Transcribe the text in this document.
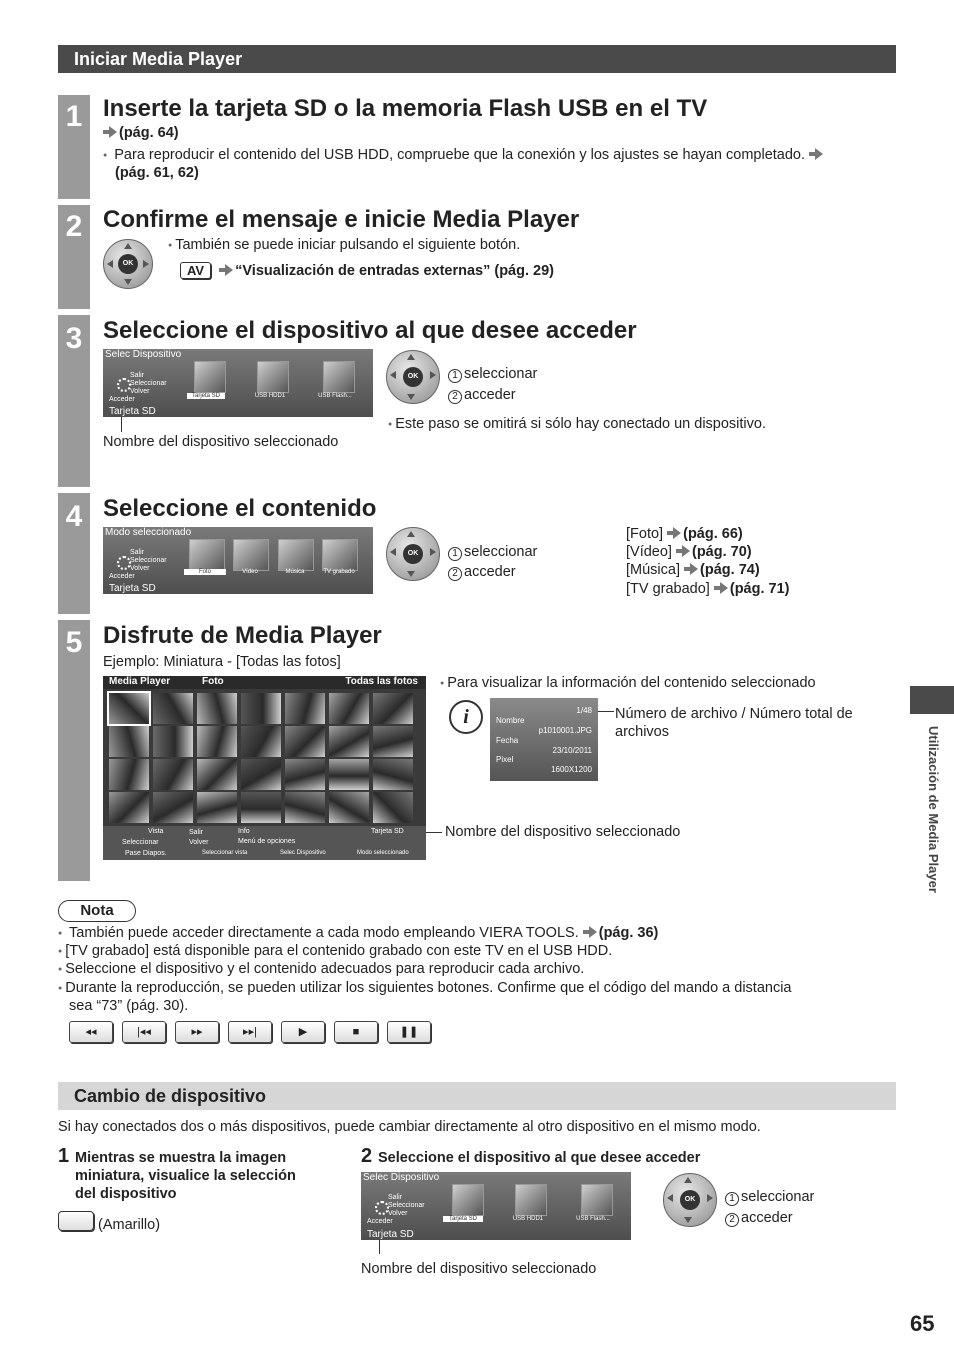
Iniciar Media Player
1
2
3
4
5
Inserte la tarjeta SD o la memoria Flash USB en el TV
(pág. 64)
● Para reproducir el contenido del USB HDD, compruebe que la conexión y los ajustes se hayan completado.
(pág. 61, 62)
Confirme el mensaje e inicie Media Player
OK
● También se puede iniciar pulsando el siguiente botón.
AV “Visualización de entradas externas” (pág. 29)
Seleccione el dispositivo al que desee acceder
Selec Dispositivo
Salir
Seleccionar
Volver
Acceder	Tarjeta SD	USB HDD1	USB Flash...
Tarjeta SD
Nombre del dispositivo seleccionado
OK	1 seleccionar
2 acceder
● Este paso se omitirá si sólo hay conectado un dispositivo.
Seleccione el contenido
Modo seleccionado
Salir
Seleccionar
Volver
Acceder
Foto	Vídeo	Música	TV grabado
Tarjeta SD
OK	1 seleccionar
2 acceder
[Foto] (pág. 66)
[Vídeo] (pág. 70)
[Música] (pág. 74)
[TV grabado] (pág. 71)
Disfrute de Media Player
Ejemplo: Miniatura - [Todas las fotos]
Media Player	Foto	Todas las fotos
Vista
Seleccionar
Salir
Volver
Info
Menú de opciones
Tarjeta SD
Pase Diapos.	Seleccionar vista	Selec Dispositivo	Modo seleccionado
Nombre del dispositivo seleccionado
● Para visualizar la información del contenido seleccionado
i	1/48
Nombre
p1010001.JPG
Fecha
23/10/2011
Pixel
1600X1200
Número de archivo / Número total de archivos
Nota
● También puede acceder directamente a cada modo empleando VIERA TOOLS. (pág. 36)
● [TV grabado] está disponible para el contenido grabado con este TV en el USB HDD.
● Seleccione el dispositivo y el contenido adecuados para reproducir cada archivo.
● Durante la reproducción, se pueden utilizar los siguientes botones. Confirme que el código del mando a distancia
sea “73” (pág. 30).
◂◂	|◂◂	▸▸	▸▸|	▶	■	❚❚
Cambio de dispositivo
Si hay conectados dos o más dispositivos, puede cambiar directamente al otro dispositivo en el mismo modo.
1 Mientras se muestra la imagen
miniatura, visualice la selección
del dispositivo
(Amarillo)
2 Seleccione el dispositivo al que desee acceder
Selec Dispositivo
Salir
Seleccionar
Volver
Acceder	Tarjeta SD	USB HDD1	USB Flash...
Tarjeta SD
Nombre del dispositivo seleccionado
OK	1 seleccionar
2 acceder
Utilización de Media Player
65
